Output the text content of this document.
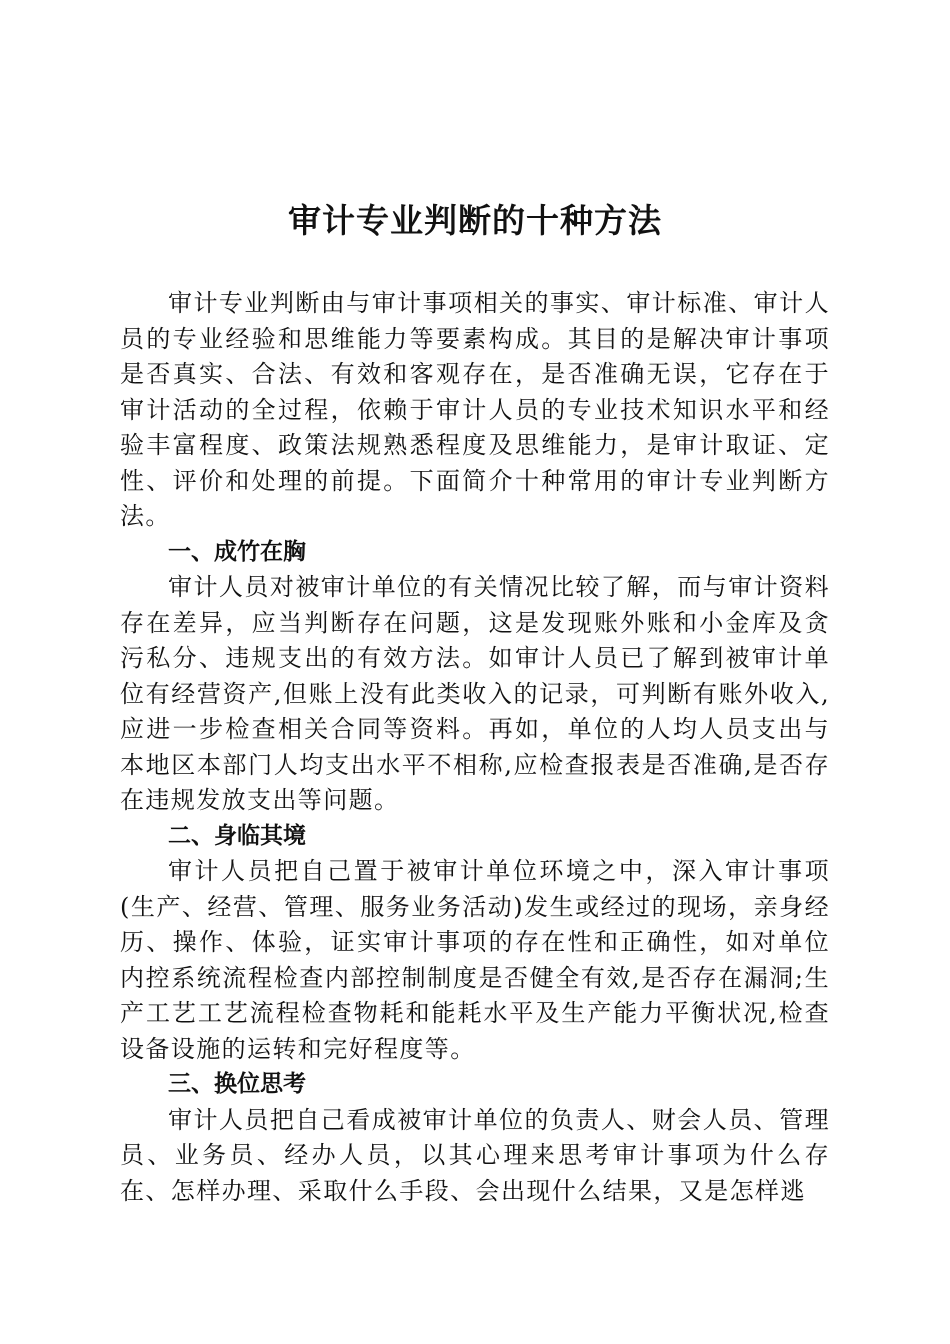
审计专业判断的十种方法

审计专业判断由与审计事项相关的事实、审计标准、审计人员的专业经验和思维能力等要素构成。其目的是解决审计事项是否真实、合法、有效和客观存在，是否准确无误，它存在于审计活动的全过程，依赖于审计人员的专业技术知识水平和经验丰富程度、政策法规熟悉程度及思维能力，是审计取证、定性、评价和处理的前提。下面简介十种常用的审计专业判断方法。

一、成竹在胸

审计人员对被审计单位的有关情况比较了解，而与审计资料存在差异，应当判断存在问题，这是发现账外账和小金库及贪污私分、违规支出的有效方法。如审计人员已了解到被审计单位有经营资产,但账上没有此类收入的记录，可判断有账外收入,应进一步检查相关合同等资料。再如，单位的人均人员支出与本地区本部门人均支出水平不相称,应检查报表是否准确,是否存在违规发放支出等问题。

二、身临其境

审计人员把自己置于被审计单位环境之中，深入审计事项(生产、经营、管理、服务业务活动)发生或经过的现场，亲身经历、操作、体验，证实审计事项的存在性和正确性，如对单位内控系统流程检查内部控制制度是否健全有效,是否存在漏洞;生产工艺工艺流程检查物耗和能耗水平及生产能力平衡状况,检查设备设施的运转和完好程度等。

三、换位思考

审计人员把自己看成被审计单位的负责人、财会人员、管理员、业务员、经办人员，以其心理来思考审计事项为什么存在、怎样办理、采取什么手段、会出现什么结果，又是怎样逃
